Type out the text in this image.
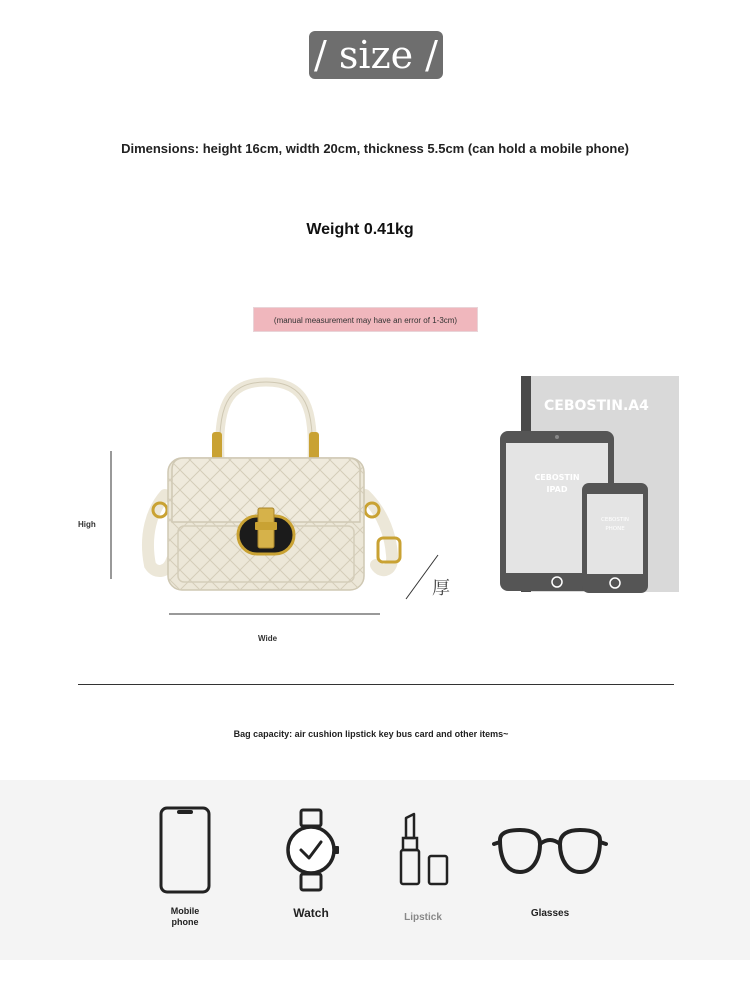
/ size /
Dimensions: height 16cm, width 20cm, thickness 5.5cm (can hold a mobile phone)
Weight 0.41kg
(manual measurement may have an error of 1-3cm)
High
Wide
厚
CEBOSTIN.A4
CEBOSTIN
IPAD
CEBOSTIN
PHONE
Bag capacity: air cushion lipstick key bus card and other items~
Mobile
phone
Watch	Lipstick	Glasses
